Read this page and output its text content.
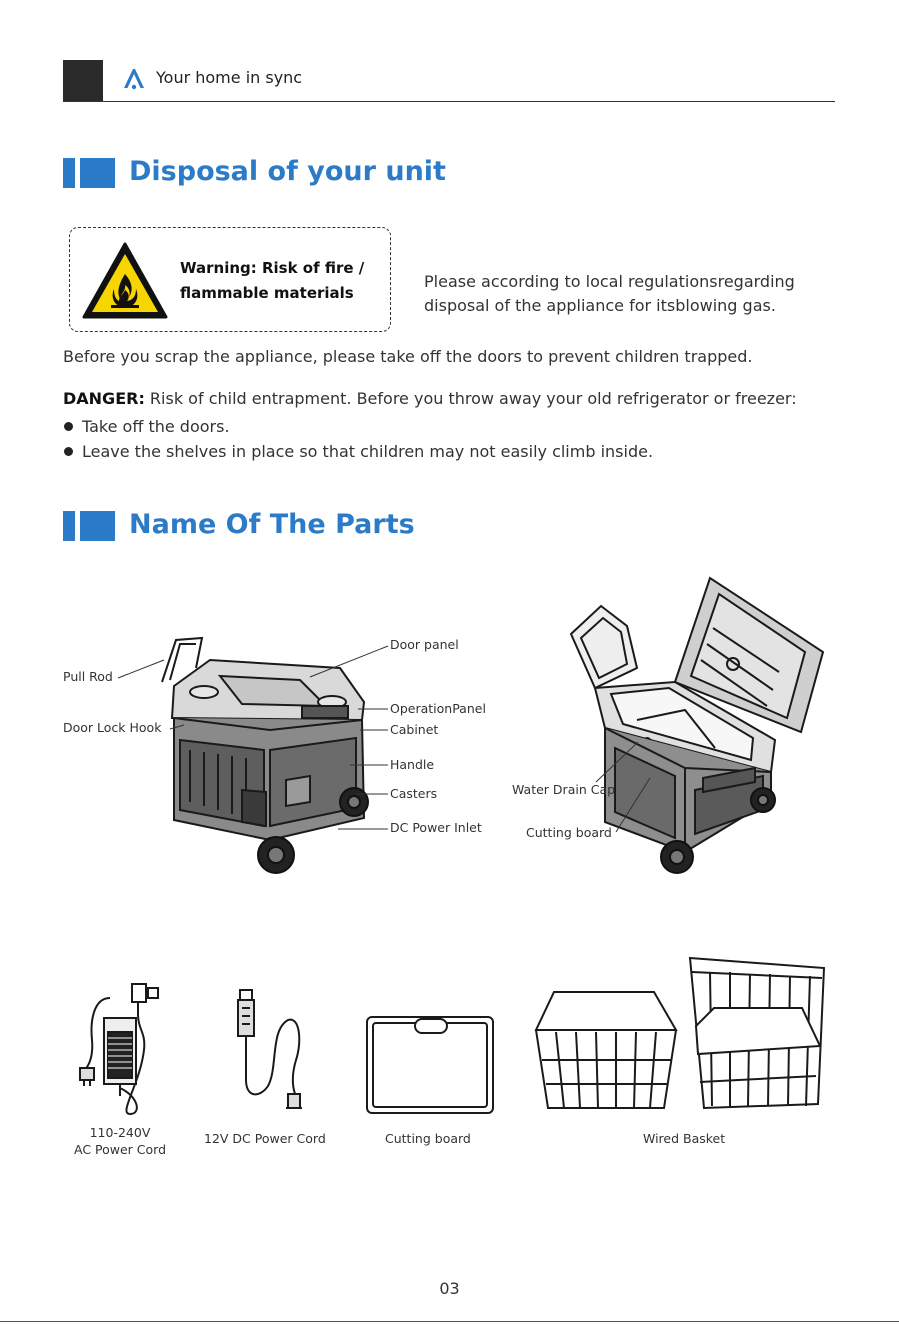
Your home in sync
Disposal of your unit
Warning: Risk of fire /
flammable materials
Please according to local regulationsregarding
disposal of the appliance for itsblowing gas.
Before you scrap the appliance, please take off the doors to prevent children trapped.
DANGER: Risk of child entrapment. Before you throw away your old refrigerator or freezer:
Take off the doors.
Leave the shelves in place so that children may not easily climb inside.
Name Of The Parts
Door panel
Pull Rod
OperationPanel
Door Lock Hook	Cabinet
Handle
Casters
DC Power Inlet
Water Drain Cap
Cutting board
110-240V
AC Power Cord
12V DC Power Cord	Cutting board	Wired Basket
03
